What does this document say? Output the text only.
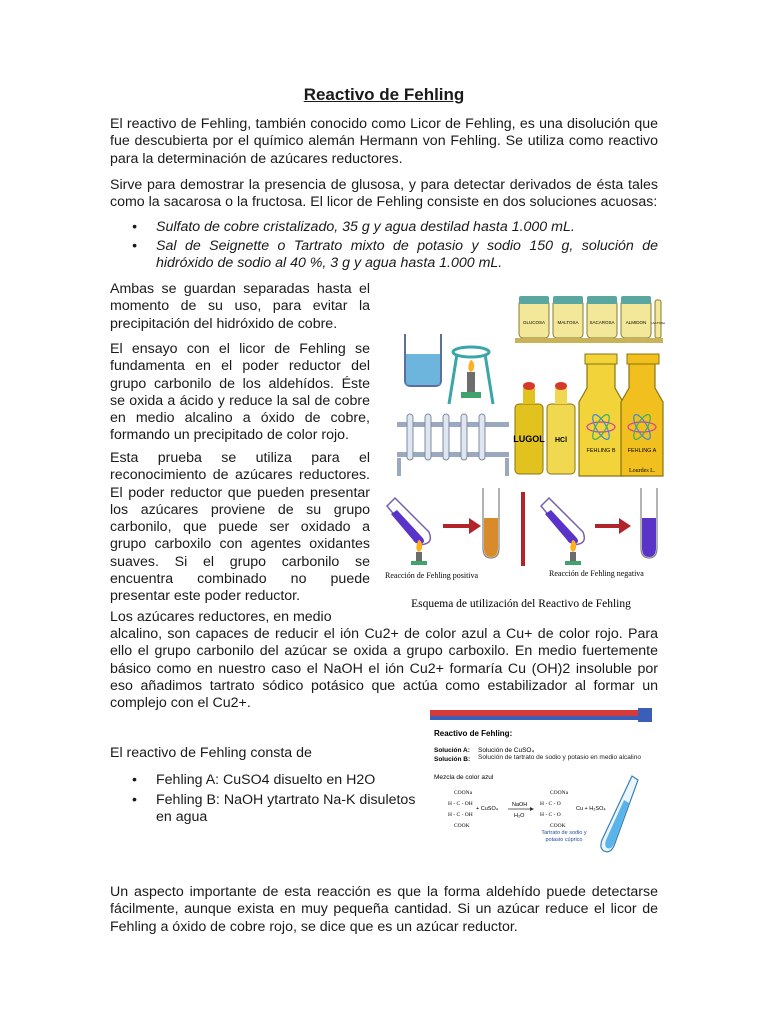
Reactivo de Fehling

El reactivo de Fehling, también conocido como Licor de Fehling, es una disolución que fue descubierta por el químico alemán Hermann von Fehling. Se utiliza como reactivo para la determinación de azúcares reductores.

Sirve para demostrar la presencia de glusosa, y para detectar derivados de ésta tales como la sacarosa o la fructosa. El licor de Fehling consiste en dos soluciones acuosas:

• Sulfato de cobre cristalizado, 35 g y agua destilad hasta 1.000 mL.
• Sal de Seignette o Tartrato mixto de potasio y sodio 150 g, solución de hidróxido de sodio al 40 %, 3 g y agua hasta 1.000 mL.

Ambas se guardan separadas hasta el momento de su uso, para evitar la precipitación del hidróxido de cobre.

El ensayo con el licor de Fehling se fundamenta en el poder reductor del grupo carbonilo de los aldehídos. Éste se oxida a ácido y reduce la sal de cobre en medio alcalino a óxido de cobre, formando un precipitado de color rojo.

Esta prueba se utiliza para el reconocimiento de azúcares reductores. El poder reductor que pueden presentar los azúcares proviene de su grupo carbonilo, que puede ser oxidado a grupo carboxilo con agentes oxidantes suaves. Si el grupo carbonilo se encuentra combinado no puede presentar este poder reductor.

Los azúcares reductores, en medio

alcalino, son capaces de reducir el ión Cu2+ de color azul a Cu+ de color rojo. Para ello el grupo carbonilo del azúcar se oxida a grupo carboxilo. En medio fuertemente básico como en nuestro caso el NaOH el ión Cu2+ formaría Cu (OH)2 insoluble por eso añadimos tartrato sódico potásico que actúa como estabilizador al formar un complejo con el Cu2+.

El reactivo de Fehling consta de

• Fehling A: CuSO4 disuelto en H2O
• Fehling B: NaOH ytartrato Na-K disuletos en agua

Un aspecto importante de esta reacción es que la forma aldehído puede detectarse fácilmente, aunque exista en muy pequeña cantidad. Si un azúcar reduce el licor de Fehling a óxido de cobre rojo, se dice que es un azúcar reductor.

GLUCOSA	MALTOSA SACAROSA ALMIDON LACTOSA
LUGOL HCl
FEHLING B FEHLING A
Lourdes L.
Reacción de Fehling positiva	Reacción de Fehling negativa
Esquema de utilización del Reactivo de Fehling
Reactivo de Fehling:
Solución A: Solución de CuSO₄
Solución B: Solución de tartrato de sodio y potasio en medio alcalino
Mezcla de color azul
COONa
H - C - OH
H - C - OH
COOK
+ CuSO₄
NaOH
H₂O
COONa
H - C - O
H - C - O
COOK
Cu + H₂SO₄
Tartrato de sodio y potasio cúprico
